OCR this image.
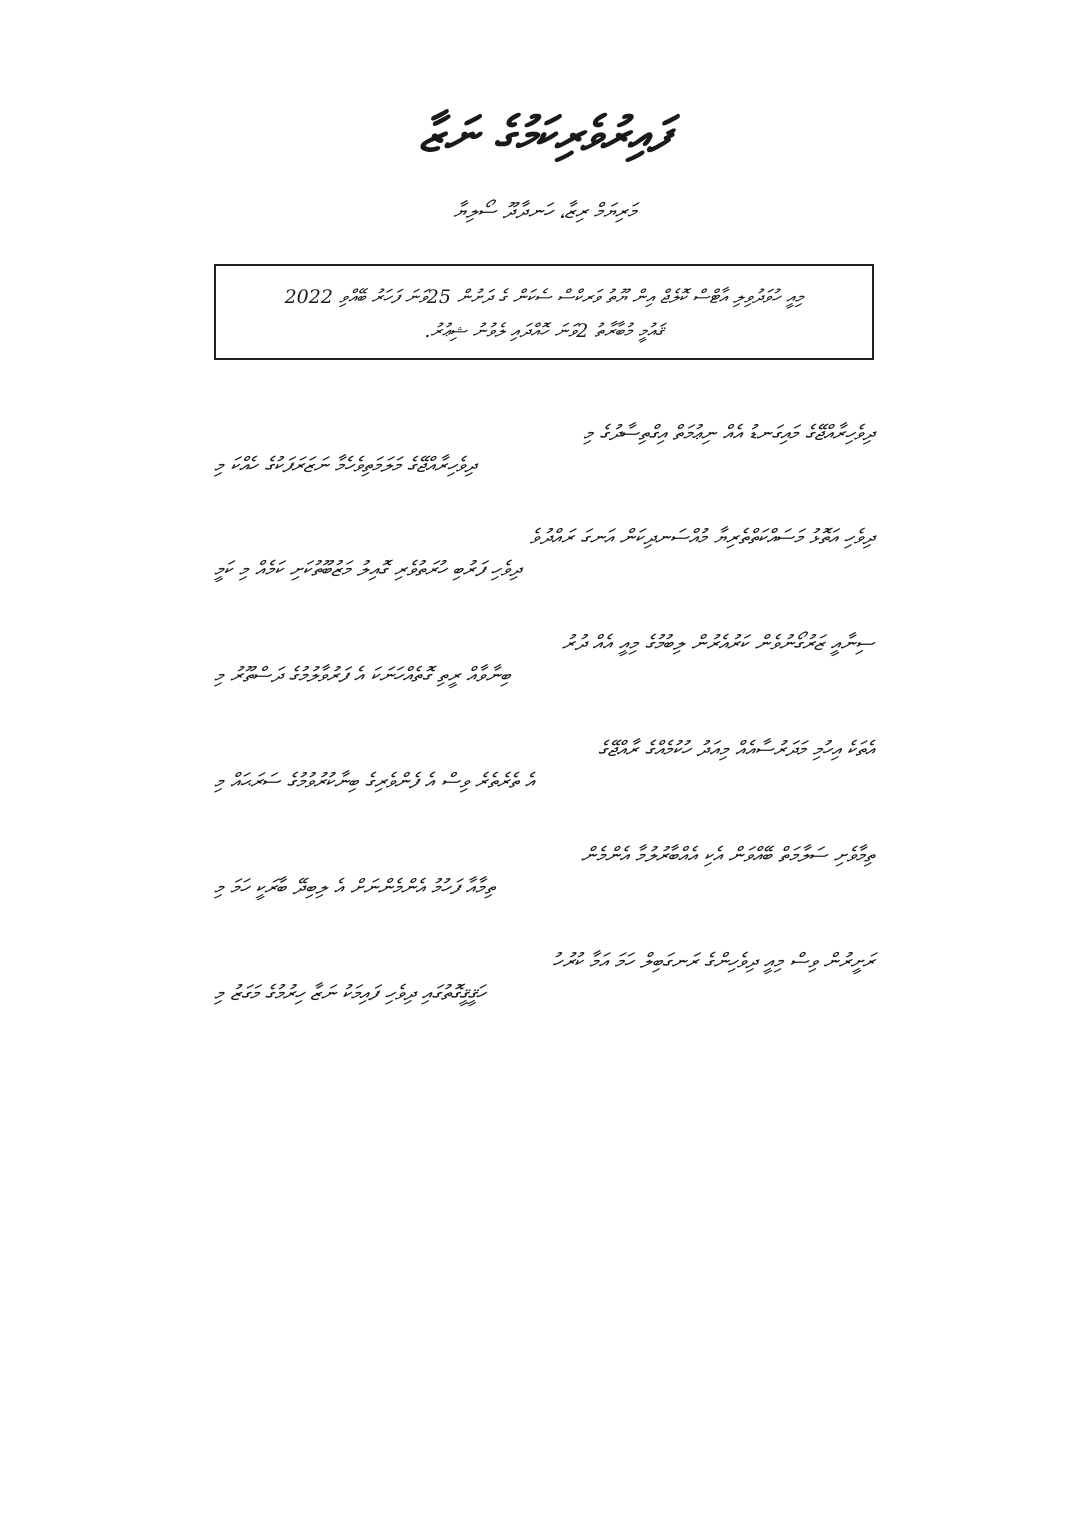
ފައިރުވެރިކަމުގެ ނަޒާ
މަރިޔަމް ރިޒާ، ހަނދާދޫ ސޯލިޔާ
މިއީ ހުވަދުވިލި އާޓްސް ކޮލެޖް އިން ޔޫތު ވަރކްސް ސެކަން ގެ ދަށުން 25ވަނަ ފަހަރު ބޭއްވި 2022
ޤައުމީ މުބާރާތު 2ވަނަ ހޮއްދައި ލެވުނު ޝިޢުރު.
ދިވެހިރާއްޖޭގެ މައިގަނޑު އެއް ނިޢުމަތް އިގްތިސާދުގެ މި
ދިވެހިރާއްޖޭގެ މަލަމަތިވެހެމާ ނަޒަރަފަކުގެ ހެއްކަ މި
ދިވެހި އަތޮޅު މަސައްކަތްތެރިޔާ މުއްސަނދިކަން އަނގަ ރައްދުވެ
ދިވެހި ފަރުބި ހުރަތުވެރި ގޮއިލު މަޒުބޫތުކަށި ކަމެއް މި ކަމީ
ސިނާއީ ޒަރުގޯނުވެން ކަރުއެރުން ލިބުމުގެ މިއީ އެއް ދުރު
ބިނާވާއް ރީތި ގޮތެއްހަނަކަ އެ ފަރުވާލުމުގެ ދަސްތޫރު މި
އެތަކެ އިހުމި މަދަރުސާއެއް މިއަދު ހުކުމެއްގެ ރާއްޖޭގެ
އެ ތެރެތެރެ ވިސް އެ ފެންވެރިގެ ބިނާކުރުވުމުގެ ސަރަޙައް މި
ތިމާވެށި ސަލާމަތް ބޭއްވަން އެކި އެއްބާރުލުމާ އެންމެން
ތިމާއާ ފަހުމު އެންމެންނަށް އެ ލިބިދޭ ބާރަކީ ހަމަ މި
ރަށީރުން ވިސް މިއީ ދިވެހިންގެ ރަނގަބިލް ހަމަ އަމާ ކުރުހު
ހަޤީޤީގޮތުގައި ދިވެހި ފައިމަކު ނަޒާ ހިރުމުގެ މަގަޒު މި
